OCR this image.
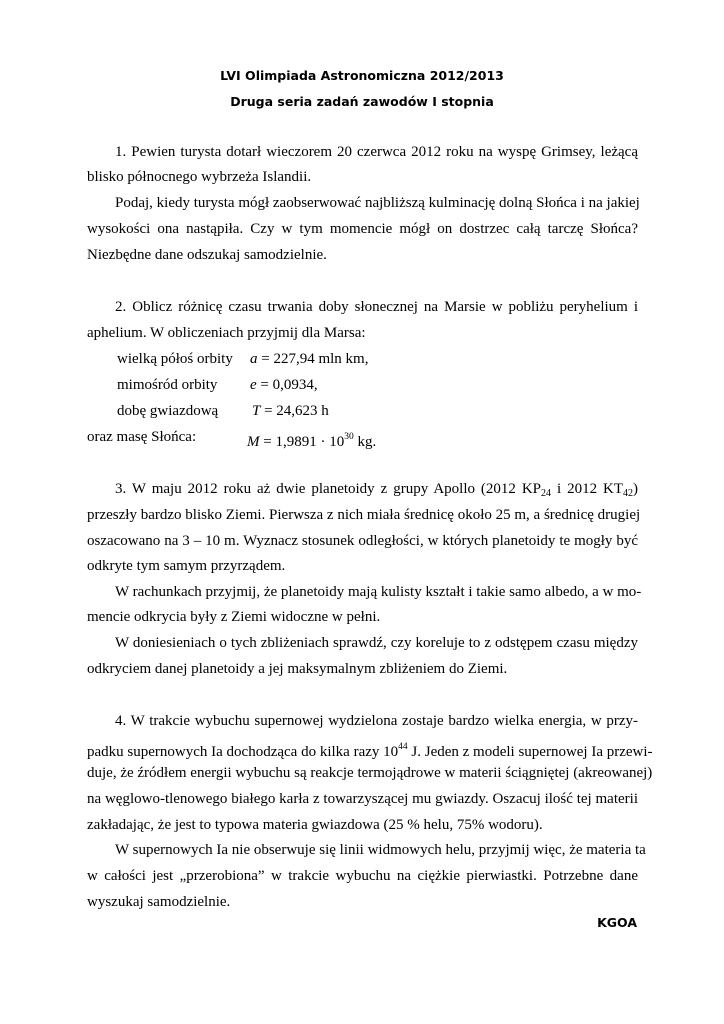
LVI Olimpiada Astronomiczna 2012/2013
Druga seria zadań zawodów I stopnia
1. Pewien turysta dotarł wieczorem 20 czerwca 2012 roku na wyspę Grimsey, leżącą
blisko północnego wybrzeża Islandii.
Podaj, kiedy turysta mógł zaobserwować najbliższą kulminację dolną Słońca i na jakiej
wysokości ona nastąpiła. Czy w tym momencie mógł on dostrzec całą tarczę Słońca?
Niezbędne dane odszukaj samodzielnie.
2. Oblicz różnicę czasu trwania doby słonecznej na Marsie w pobliżu peryhelium i
aphelium. W obliczeniach przyjmij dla Marsa:
wielką półoś orbity a = 227,94 mln km,
mimośród orbity e = 0,0934,
dobę gwiazdową T = 24,623 h
oraz masę Słońca:	$M = 1,9891 \cdot 10^{30}$ kg.
3. W maju 2012 roku aż dwie planetoidy z grupy Apollo (2012 $KP_{24}$ i 2012 $KT_{42}$)
przeszły bardzo blisko Ziemi. Pierwsza z nich miała średnicę około 25 m, a średnicę drugiej
oszacowano na 3 – 10 m. Wyznacz stosunek odległości, w których planetoidy te mogły być
odkryte tym samym przyrządem.
W rachunkach przyjmij, że planetoidy mają kulisty kształt i takie samo albedo, a w mo-
mencie odkrycia były z Ziemi widoczne w pełni.
W doniesieniach o tych zbliżeniach sprawdź, czy koreluje to z odstępem czasu między
odkryciem danej planetoidy a jej maksymalnym zbliżeniem do Ziemi.
4. W trakcie wybuchu supernowej wydzielona zostaje bardzo wielka energia, w przy-
padku supernowych Ia dochodząca do kilka razy $10^{44}$ J. Jeden z modeli supernowej Ia przewi-
duje, że źródłem energii wybuchu są reakcje termojądrowe w materii ściągniętej (akreowanej)
na węglowo-tlenowego białego karła z towarzyszącej mu gwiazdy. Oszacuj ilość tej materii
zakładając, że jest to typowa materia gwiazdowa (25 % helu, 75% wodoru).
W supernowych Ia nie obserwuje się linii widmowych helu, przyjmij więc, że materia ta
w całości jest „przerobiona” w trakcie wybuchu na ciężkie pierwiastki. Potrzebne dane
wyszukaj samodzielnie.
KGOA
